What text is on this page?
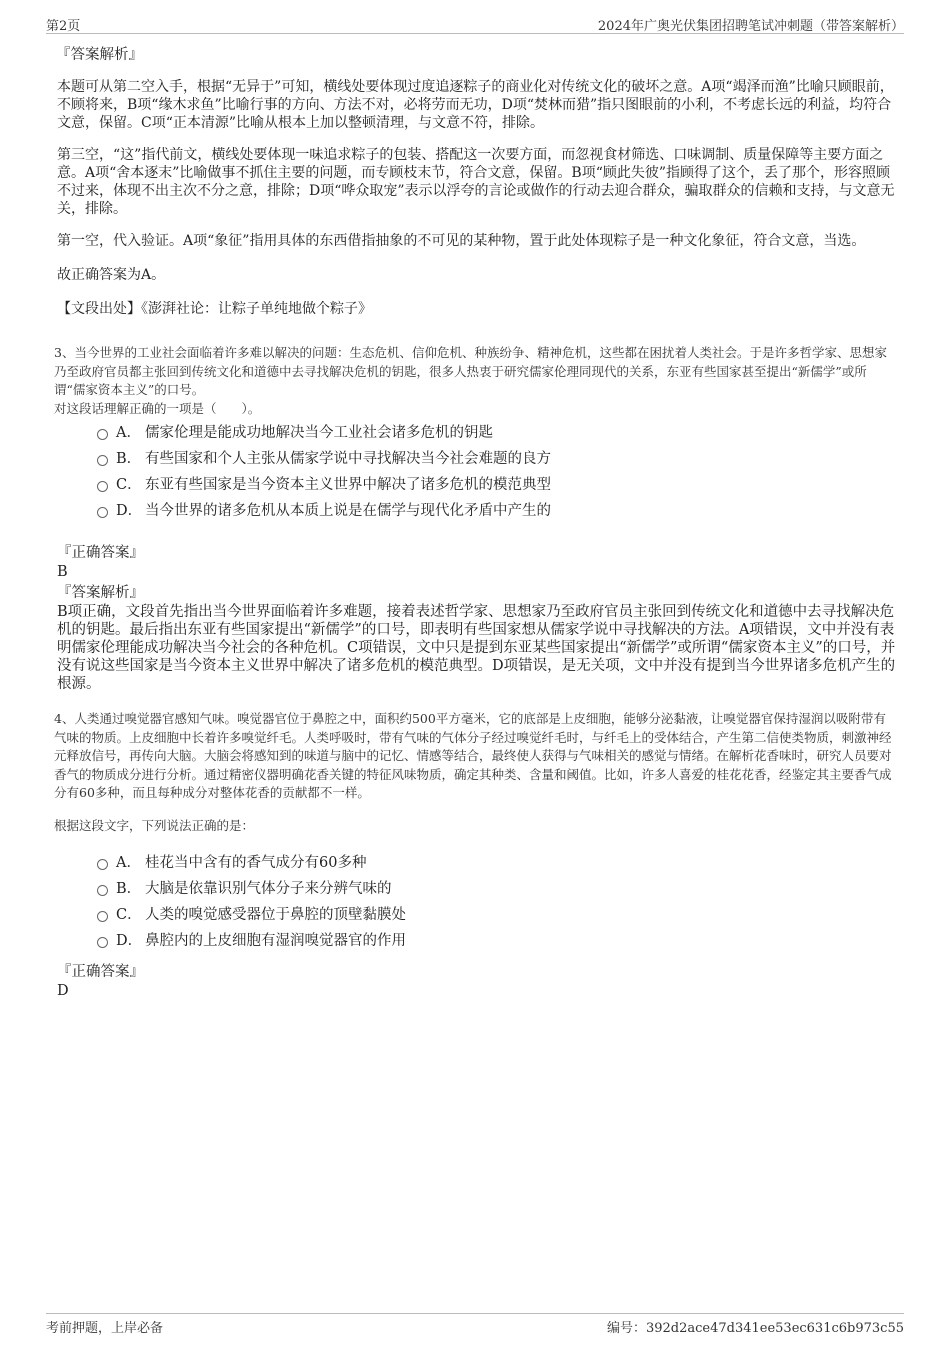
第2页	2024年广奥光伏集团招聘笔试冲刺题（带答案解析）
『答案解析』

本题可从第二空入手，根据“无异于”可知，横线处要体现过度追逐粽子的商业化对传统文化的破坏之意。A项“竭泽而渔”比喻只顾眼前，不顾将来，B项“缘木求鱼”比喻行事的方向、方法不对，必将劳而无功，D项“焚林而猎”指只图眼前的小利，不考虑长远的利益，均符合文意，保留。C项“正本清源”比喻从根本上加以整顿清理，与文意不符，排除。

第三空，“这”指代前文，横线处要体现一味追求粽子的包装、搭配这一次要方面，而忽视食材筛选、口味调制、质量保障等主要方面之意。A项“舍本逐末”比喻做事不抓住主要的问题，而专顾枝末节，符合文意，保留。B项“顾此失彼”指顾得了这个，丢了那个，形容照顾不过来，体现不出主次不分之意，排除；D项“哗众取宠”表示以浮夸的言论或做作的行动去迎合群众，骗取群众的信赖和支持，与文意无关，排除。

第一空，代入验证。A项“象征”指用具体的东西借指抽象的不可见的某种物，置于此处体现粽子是一种文化象征，符合文意，当选。

故正确答案为A。

【文段出处】《澎湃社论：让粽子单纯地做个粽子》

3、当今世界的工业社会面临着许多难以解决的问题：生态危机、信仰危机、种族纷争、精神危机，这些都在困扰着人类社会。于是许多哲学家、思想家乃至政府官员都主张回到传统文化和道德中去寻找解决危机的钥匙，很多人热衷于研究儒家伦理同现代的关系，东亚有些国家甚至提出“新儒学”或所谓“儒家资本主义”的口号。

对这段话理解正确的一项是（　　）。

A． 儒家伦理是能成功地解决当今工业社会诸多危机的钥匙
B． 有些国家和个人主张从儒家学说中寻找解决当今社会难题的良方
C． 东亚有些国家是当今资本主义世界中解决了诸多危机的模范典型
D． 当今世界的诸多危机从本质上说是在儒学与现代化矛盾中产生的
『正确答案』
B
『答案解析』

B项正确，文段首先指出当今世界面临着许多难题，接着表述哲学家、思想家乃至政府官员主张回到传统文化和道德中去寻找解决危机的钥匙。最后指出东亚有些国家提出“新儒学”的口号，即表明有些国家想从儒家学说中寻找解决的方法。A项错误，文中并没有表明儒家伦理能成功解决当今社会的各种危机。C项错误，文中只是提到东亚某些国家提出“新儒学”或所谓“儒家资本主义”的口号，并没有说这些国家是当今资本主义世界中解决了诸多危机的模范典型。D项错误，是无关项，文中并没有提到当今世界诸多危机产生的根源。

4、人类通过嗅觉器官感知气味。嗅觉器官位于鼻腔之中，面积约500平方毫米，它的底部是上皮细胞，能够分泌黏液，让嗅觉器官保持湿润以吸附带有气味的物质。上皮细胞中长着许多嗅觉纤毛。人类呼吸时，带有气味的气体分子经过嗅觉纤毛时，与纤毛上的受体结合，产生第二信使类物质，刺激神经元释放信号，再传向大脑。大脑会将感知到的味道与脑中的记忆、情感等结合，最终使人获得与气味相关的感觉与情绪。在解析花香味时，研究人员要对香气的物质成分进行分析。通过精密仪器明确花香关键的特征风味物质，确定其种类、含量和阈值。比如，许多人喜爱的桂花花香，经鉴定其主要香气成分有60多种，而且每种成分对整体花香的贡献都不一样。

根据这段文字，下列说法正确的是：

A． 桂花当中含有的香气成分有60多种
B． 大脑是依靠识别气体分子来分辨气味的
C． 人类的嗅觉感受器位于鼻腔的顶壁黏膜处
D． 鼻腔内的上皮细胞有湿润嗅觉器官的作用
『正确答案』
D
考前押题，上岸必备	编号：392d2ace47d341ee53ec631c6b973c55
